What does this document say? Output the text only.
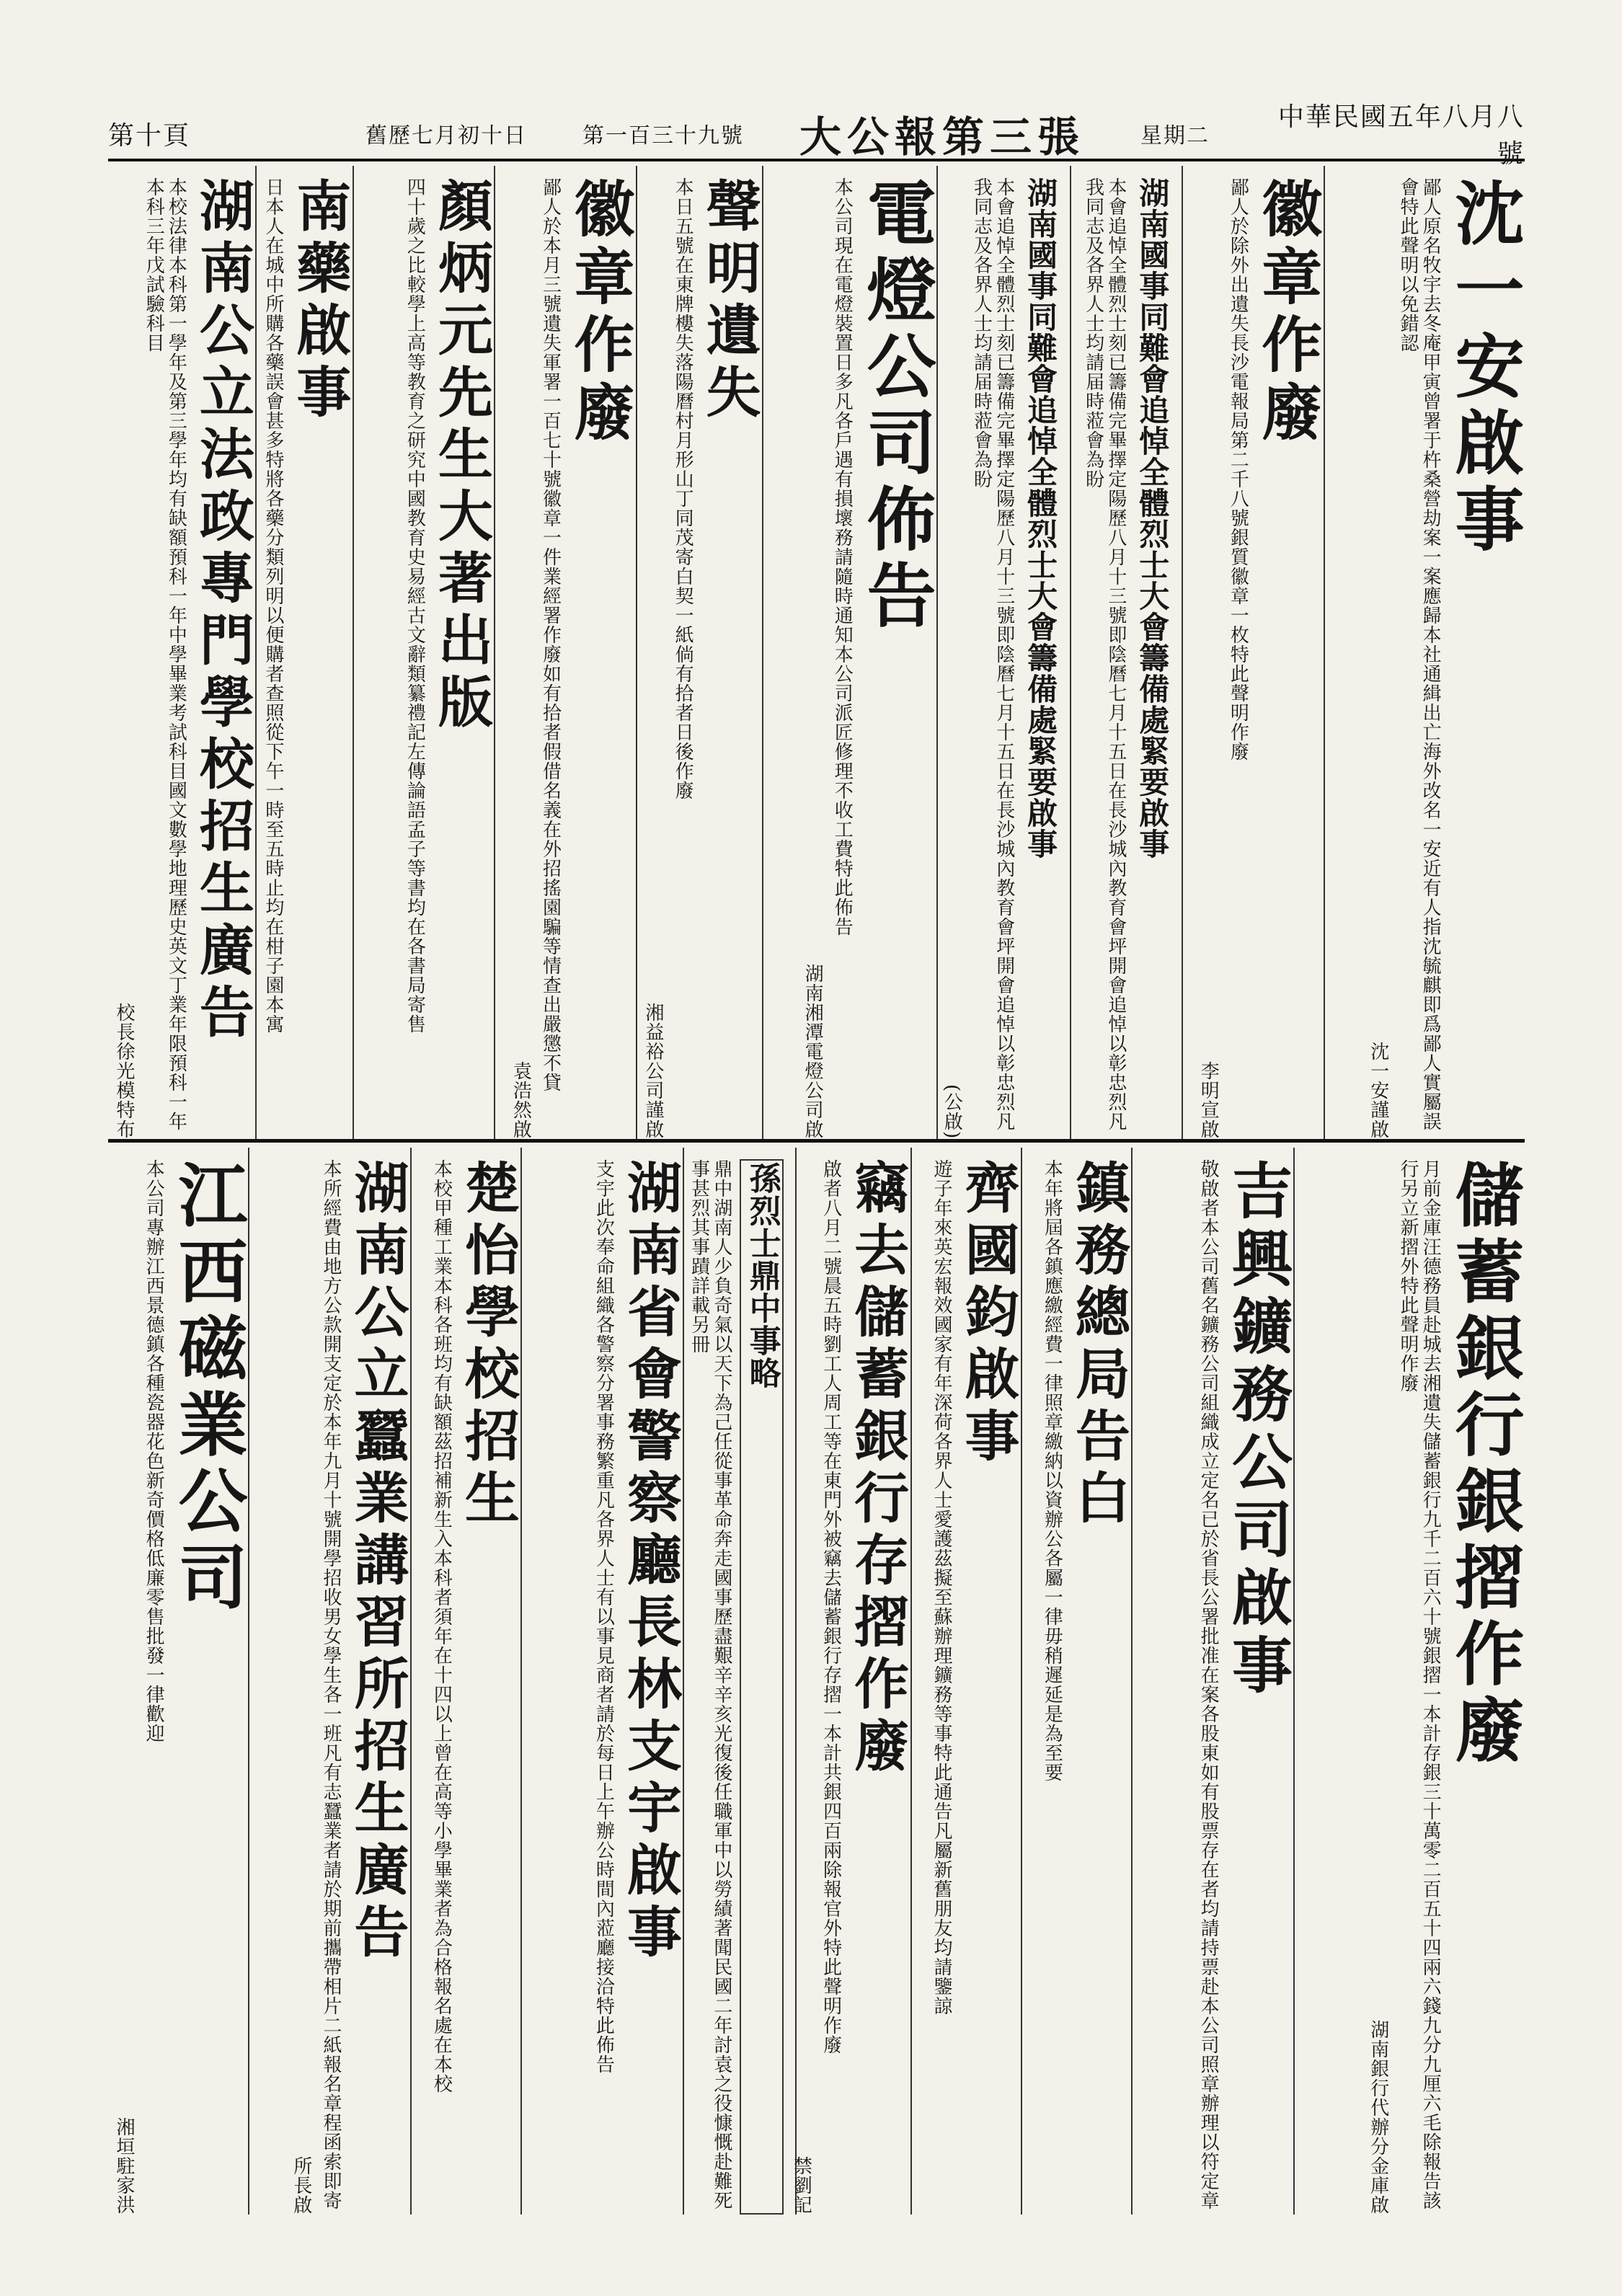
第十頁	舊歷七月初十日	第一百三十九號 大公報第三張	星期二
中華民國五年八月八號
沈一安啟事
鄙人原名牧宇去冬庵甲寅曾署于杵桑營劫案一案應歸本社通緝出亡海外改名一安近有人指沈毓麒即爲鄙人實屬誤會特此聲明以免錯認
沈一安謹啟
徽章作廢
鄙人於除外出遺失長沙電報局第二千八號銀質徽章一枚特此聲明作廢
李明宣啟
湖南國事同難會追悼全體烈士大會籌備處緊要啟事
本會追悼全體烈士刻已籌備完畢擇定陽歷八月十三號即陰曆七月十五日在長沙城內教育會坪開會追悼以彰忠烈凡我同志及各界人士均請届時蒞會為盼
湖南國事同難會追悼全體烈士大會籌備處緊要啟事
本會追悼全體烈士刻已籌備完畢擇定陽歷八月十三號即陰曆七月十五日在長沙城內教育會坪開會追悼以彰忠烈凡我同志及各界人士均請届時蒞會為盼
(公啟)
電燈公司佈告
本公司現在電燈裝置日多凡各戶遇有損壞務請隨時通知本公司派匠修理不收工費特此佈告
湖南湘潭電燈公司啟
聲明遺失
本日五號在東牌樓失落陽曆村月形山丁同茂寄白契一紙倘有拾者日後作廢
湘益裕公司謹啟
徽章作廢
鄙人於本月三號遺失軍署一百七十號徽章一件業經署作廢如有拾者假借名義在外招搖園騙等情查出嚴懲不貸
袁浩然啟
顏炳元先生大著出版
四十歲之比較學上高等教育之研究中國教育史易經古文辭類纂禮記左傳論語孟子等書均在各書局寄售
南藥啟事
日本人在城中所購各藥誤會甚多特將各藥分類列明以便購者查照從下午一時至五時止均在柑子園本寓
湖南公立法政專門學校招生廣告
本校法律本科第一學年及第三學年均有缺額預科一年中學畢業考試科目國文數學地理歷史英文丁業年限預科一年本科三年戊試驗科目
校長徐光模特布
儲蓄銀行銀摺作廢
月前金庫汪德務員赴城去湘遺失儲蓄銀行九千二百六十號銀摺一本計存銀三十萬零二百五十四兩六錢九分九厘六毛除報告該行另立新摺外特此聲明作廢
湖南銀行代辦分金庫啟
吉興鑛務公司啟事
敬啟者本公司舊名鑛務公司組織成立定名已於省長公署批准在案各股東如有股票存在者均請持票赴本公司照章辦理以符定章
鎮務總局告白
本年將屆各鎮應繳經費一律照章繳納以資辦公各屬一律毋稍遲延是為至要
齊國鈞啟事
遊子年來英宏報效國家有年深荷各界人士愛護茲擬至蘇辦理鑛務等事特此通告凡屬新舊朋友均請鑒諒
竊去儲蓄銀行存摺作廢
啟者八月二號晨五時劉工人周工等在東門外被竊去儲蓄銀行存摺一本計共銀四百兩除報官外特此聲明作廢
禁劉記
孫烈士鼎中事略
鼎中湖南人少負奇氣以天下為己任從事革命奔走國事歷盡艱辛辛亥光復後任職軍中以勞績著聞民國二年討袁之役慷慨赴難死事甚烈其事蹟詳載另冊
湖南省會警察廳長林支宇啟事
支宇此次奉命組織各警察分署事務繁重凡各界人士有以事見商者請於每日上午辦公時間內蒞廳接洽特此佈告
楚怡學校招生
本校甲種工業本科各班均有缺額茲招補新生入本科者須年在十四以上曾在高等小學畢業者為合格報名處在本校
湖南公立蠶業講習所招生廣告
本所經費由地方公款開支定於本年九月十號開學招收男女學生各一班凡有志蠶業者請於期前攜帶相片二紙報名章程函索即寄
所長啟
江西磁業公司
本公司專辦江西景德鎮各種瓷器花色新奇價格低廉零售批發一律歡迎
湘垣駐家洪
